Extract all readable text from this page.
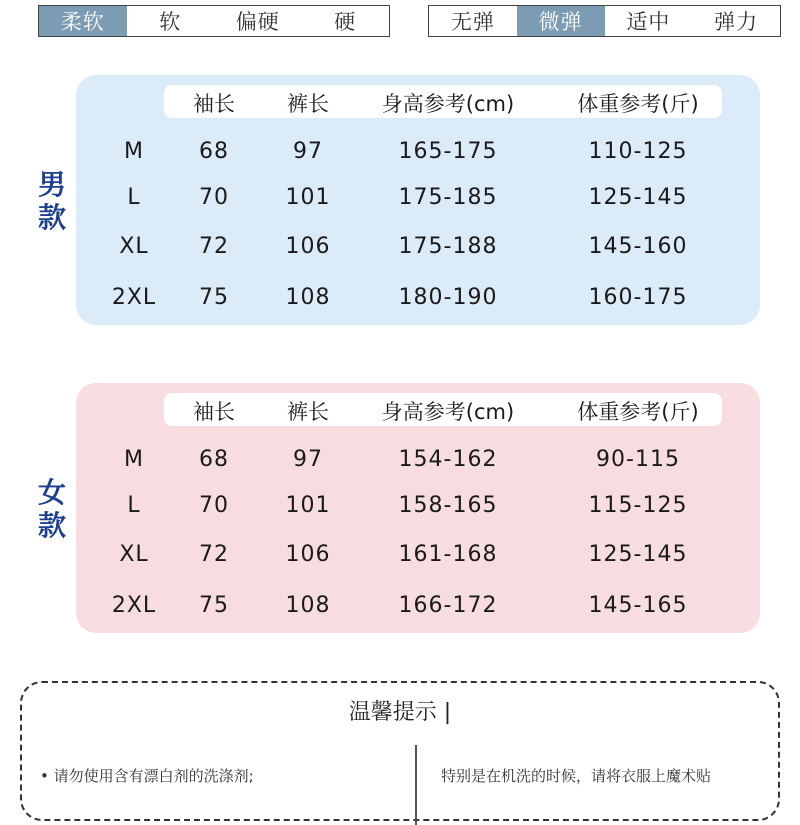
柔软	软	偏硬	硬	无弹	微弹	适中	弹力
男款
袖长 裤长	身高参考(cm)	体重参考(斤)
M	68	97	165-175	110-125
L	70	101	175-185	125-145
XL 72	106	175-188	145-160
2XL 75	108	180-190	160-175
女款
袖长 裤长	身高参考(cm)	体重参考(斤)
M	68	97	154-162	90-115
L	70	101	158-165	115-125
XL 72	106	161-168	125-145
2XL 75	108	166-172	145-165
温馨提示 |
• 请勿使用含有漂白剂的洗涤剂;	特别是在机洗的时候，请将衣服上魔术贴
